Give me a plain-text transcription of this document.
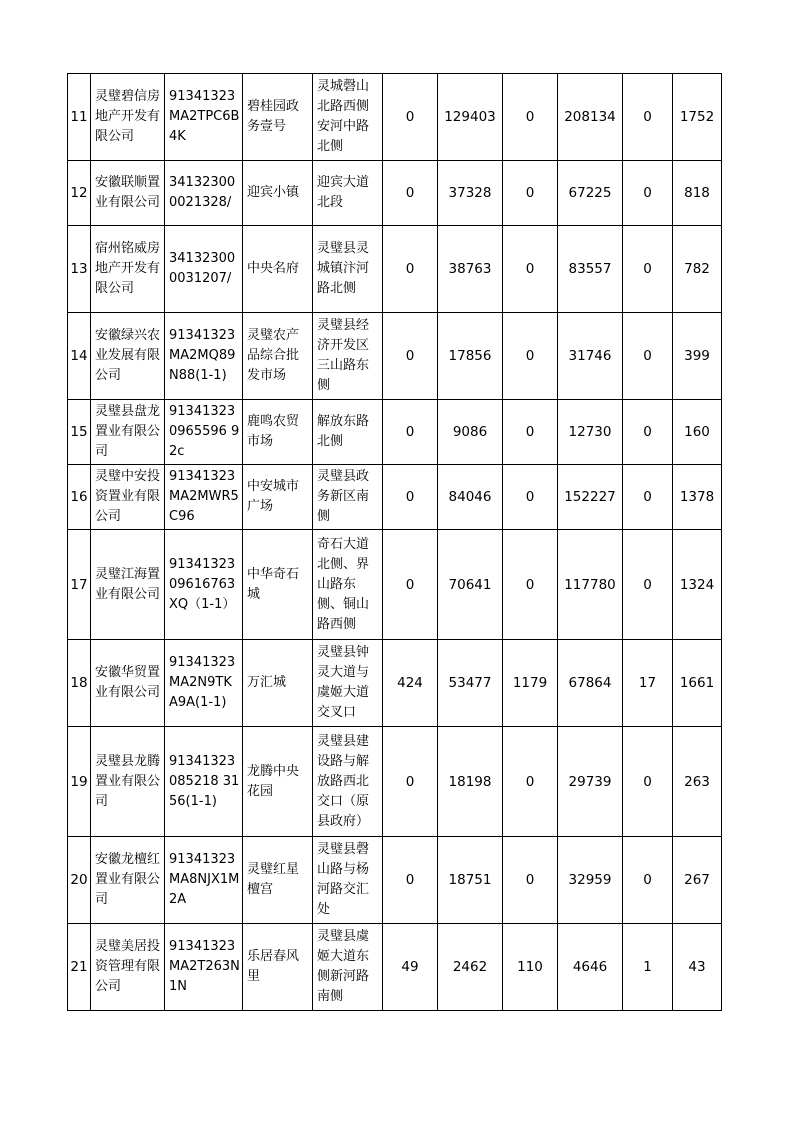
11	灵璧碧信房地产开发有限公司	91341323MA2TPC6B4K	碧桂园政务壹号	灵城磬山北路西侧安河中路北侧	0	129403	0	208134	0	1752
12	安徽联顺置业有限公司	341323000021328/	迎宾小镇	迎宾大道北段	0	37328	0	67225	0	818
13	宿州铭威房地产开发有限公司	341323000031207/	中央名府	灵璧县灵城镇汴河路北侧	0	38763	0	83557	0	782
14	安徽绿兴农业发展有限公司	91341323MA2MQ89N88(1-1)	灵璧农产品综合批发市场	灵璧县经济开发区三山路东侧	0	17856	0	31746	0	399
15	灵璧县盘龙置业有限公司	913413230965596 92c	鹿鸣农贸市场	解放东路北侧	0	9086	0	12730	0	160
16	灵璧中安投资置业有限公司	91341323MA2MWR5C96	中安城市广场	灵璧县政务新区南侧	0	84046	0	152227	0	1378
17	灵璧江海置业有限公司	91341323 09616763 XQ（1-1）	中华奇石城	奇石大道北侧、界山路东侧、铜山路西侧	0	70641	0	117780	0	1324
18	安徽华贸置业有限公司	91341323MA2N9TKA9A(1-1)	万汇城	灵璧县钟灵大道与虞姬大道交叉口	424	53477	1179	67864	17	1661
19	灵璧县龙腾置业有限公司	91341323085218 3156(1-1)	龙腾中央花园	灵璧县建设路与解放路西北交口（原县政府）	0	18198	0	29739	0	263
20	安徽龙檀红置业有限公司	91341323MA8NJX1M2A	灵璧红星檀宫	灵璧县磬山路与杨河路交汇处	0	18751	0	32959	0	267
21	灵璧美居投资管理有限公司	91341323MA2T263N1N	乐居春风里	灵璧县虞姬大道东侧新河路南侧	49	2462	110	4646	1	43
